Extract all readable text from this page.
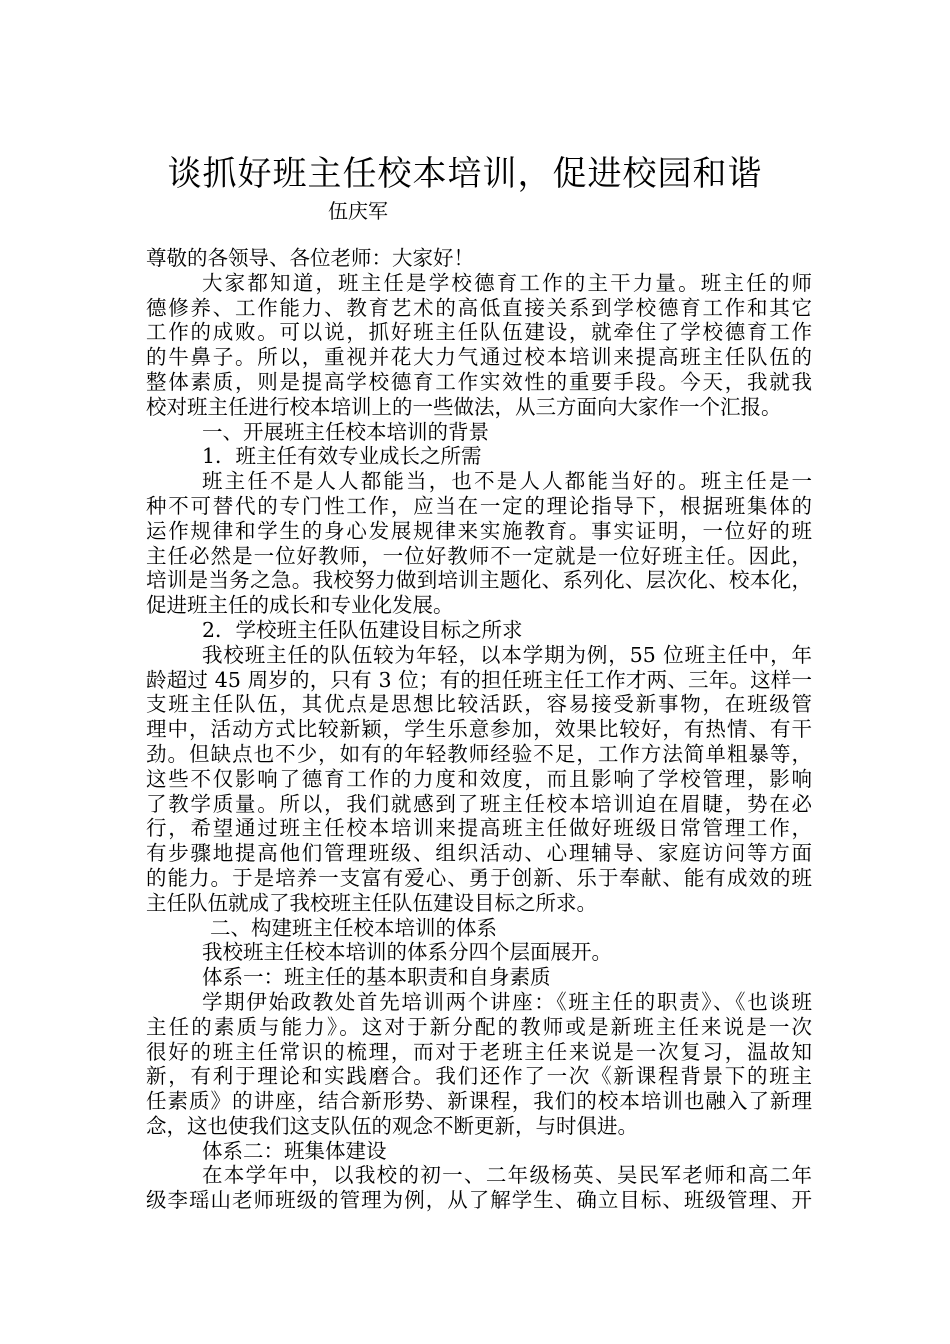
谈抓好班主任校本培训，促进校园和谐
伍庆军
尊敬的各领导、各位老师：大家好！
大家都知道，班主任是学校德育工作的主干力量。班主任的师
德修养、工作能力、教育艺术的高低直接关系到学校德育工作和其它
工作的成败。可以说，抓好班主任队伍建设，就牵住了学校德育工作
的牛鼻子。所以，重视并花大力气通过校本培训来提高班主任队伍的
整体素质，则是提高学校德育工作实效性的重要手段。今天，我就我
校对班主任进行校本培训上的一些做法，从三方面向大家作一个汇报。
一、开展班主任校本培训的背景
1．班主任有效专业成长之所需
班主任不是人人都能当，也不是人人都能当好的。班主任是一
种不可替代的专门性工作，应当在一定的理论指导下，根据班集体的
运作规律和学生的身心发展规律来实施教育。事实证明，一位好的班
主任必然是一位好教师，一位好教师不一定就是一位好班主任。因此，
培训是当务之急。我校努力做到培训主题化、系列化、层次化、校本化，
促进班主任的成长和专业化发展。
2．学校班主任队伍建设目标之所求
我校班主任的队伍较为年轻，以本学期为例，55 位班主任中，年
龄超过 45 周岁的，只有 3 位；有的担任班主任工作才两、三年。这样一
支班主任队伍，其优点是思想比较活跃，容易接受新事物，在班级管
理中，活动方式比较新颖，学生乐意参加，效果比较好，有热情、有干
劲。但缺点也不少，如有的年轻教师经验不足，工作方法简单粗暴等，
这些不仅影响了德育工作的力度和效度，而且影响了学校管理，影响
了教学质量。所以，我们就感到了班主任校本培训迫在眉睫，势在必
行，希望通过班主任校本培训来提高班主任做好班级日常管理工作，
有步骤地提高他们管理班级、组织活动、心理辅导、家庭访问等方面
的能力。于是培养一支富有爱心、勇于创新、乐于奉献、能有成效的班
主任队伍就成了我校班主任队伍建设目标之所求。
二、构建班主任校本培训的体系
我校班主任校本培训的体系分四个层面展开。
体系一：班主任的基本职责和自身素质
学期伊始政教处首先培训两个讲座：《班主任的职责》、《也谈班
主任的素质与能力》。这对于新分配的教师或是新班主任来说是一次
很好的班主任常识的梳理，而对于老班主任来说是一次复习，温故知
新，有利于理论和实践磨合。我们还作了一次《新课程背景下的班主
任素质》的讲座，结合新形势、新课程，我们的校本培训也融入了新理
念，这也使我们这支队伍的观念不断更新，与时俱进。
体系二：班集体建设
在本学年中，以我校的初一、二年级杨英、吴民军老师和高二年
级李瑶山老师班级的管理为例，从了解学生、确立目标、班级管理、开
